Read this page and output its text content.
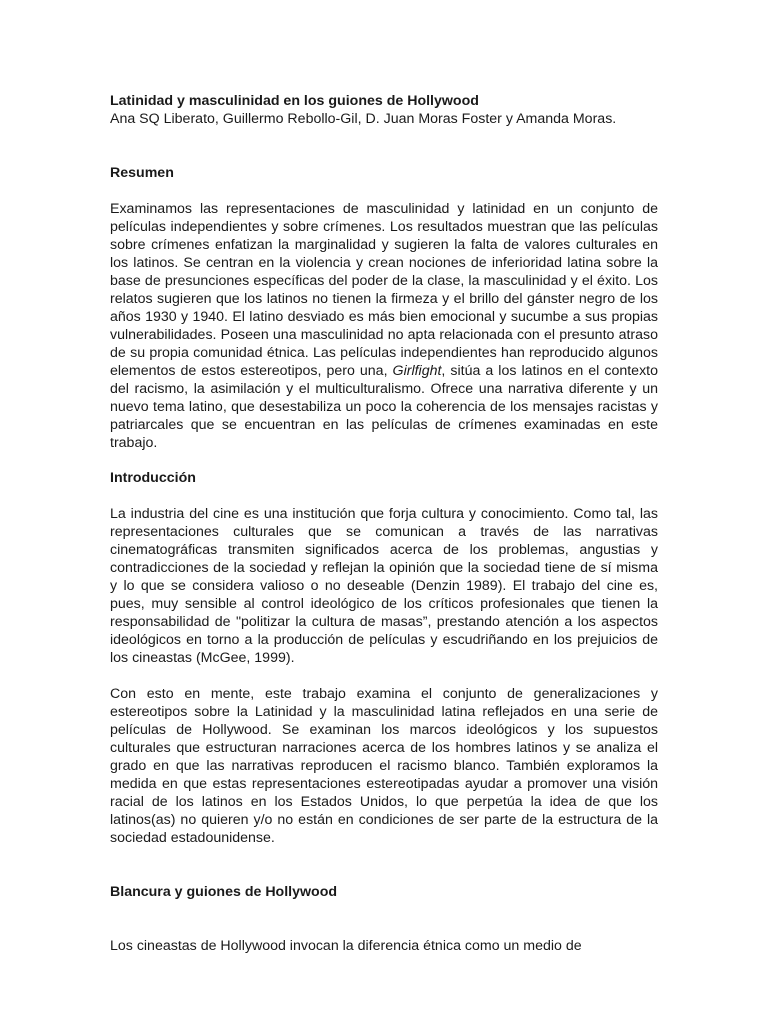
Latinidad y masculinidad en los guiones de Hollywood

Ana SQ Liberato, Guillermo Rebollo-Gil, D. Juan Moras Foster y Amanda Moras.

Resumen

Examinamos las representaciones de masculinidad y latinidad en un conjunto de películas independientes y sobre crímenes. Los resultados muestran que las películas sobre crímenes enfatizan la marginalidad y sugieren la falta de valores culturales en los latinos. Se centran en la violencia y crean nociones de inferioridad latina sobre la base de presunciones específicas del poder de la clase, la masculinidad y el éxito. Los relatos sugieren que los latinos no tienen la firmeza y el brillo del gánster negro de los años 1930 y 1940. El latino desviado es más bien emocional y sucumbe a sus propias vulnerabilidades. Poseen una masculinidad no apta relacionada con el presunto atraso de su propia comunidad étnica. Las películas independientes han reproducido algunos elementos de estos estereotipos, pero una, Girlfight, sitúa a los latinos en el contexto del racismo, la asimilación y el multiculturalismo. Ofrece una narrativa diferente y un nuevo tema latino, que desestabiliza un poco la coherencia de los mensajes racistas y patriarcales que se encuentran en las películas de crímenes examinadas en este trabajo.

Introducción

La industria del cine es una institución que forja cultura y conocimiento. Como tal, las representaciones culturales que se comunican a través de las narrativas cinematográficas transmiten significados acerca de los problemas, angustias y contradicciones de la sociedad y reflejan la opinión que la sociedad tiene de sí misma y lo que se considera valioso o no deseable (Denzin 1989). El trabajo del cine es, pues, muy sensible al control ideológico de los críticos profesionales que tienen la responsabilidad de "politizar la cultura de masas”, prestando atención a los aspectos ideológicos en torno a la producción de películas y escudriñando en los prejuicios de los cineastas (McGee, 1999).

Con esto en mente, este trabajo examina el conjunto de generalizaciones y estereotipos sobre la Latinidad y la masculinidad latina reflejados en una serie de películas de Hollywood. Se examinan los marcos ideológicos y los supuestos culturales que estructuran narraciones acerca de los hombres latinos y se analiza el grado en que las narrativas reproducen el racismo blanco. También exploramos la medida en que estas representaciones estereotipadas ayudar a promover una visión racial de los latinos en los Estados Unidos, lo que perpetúa la idea de que los latinos(as) no quieren y/o no están en condiciones de ser parte de la estructura de la sociedad estadounidense.

Blancura y guiones de Hollywood

Los cineastas de Hollywood invocan la diferencia étnica como un medio de
